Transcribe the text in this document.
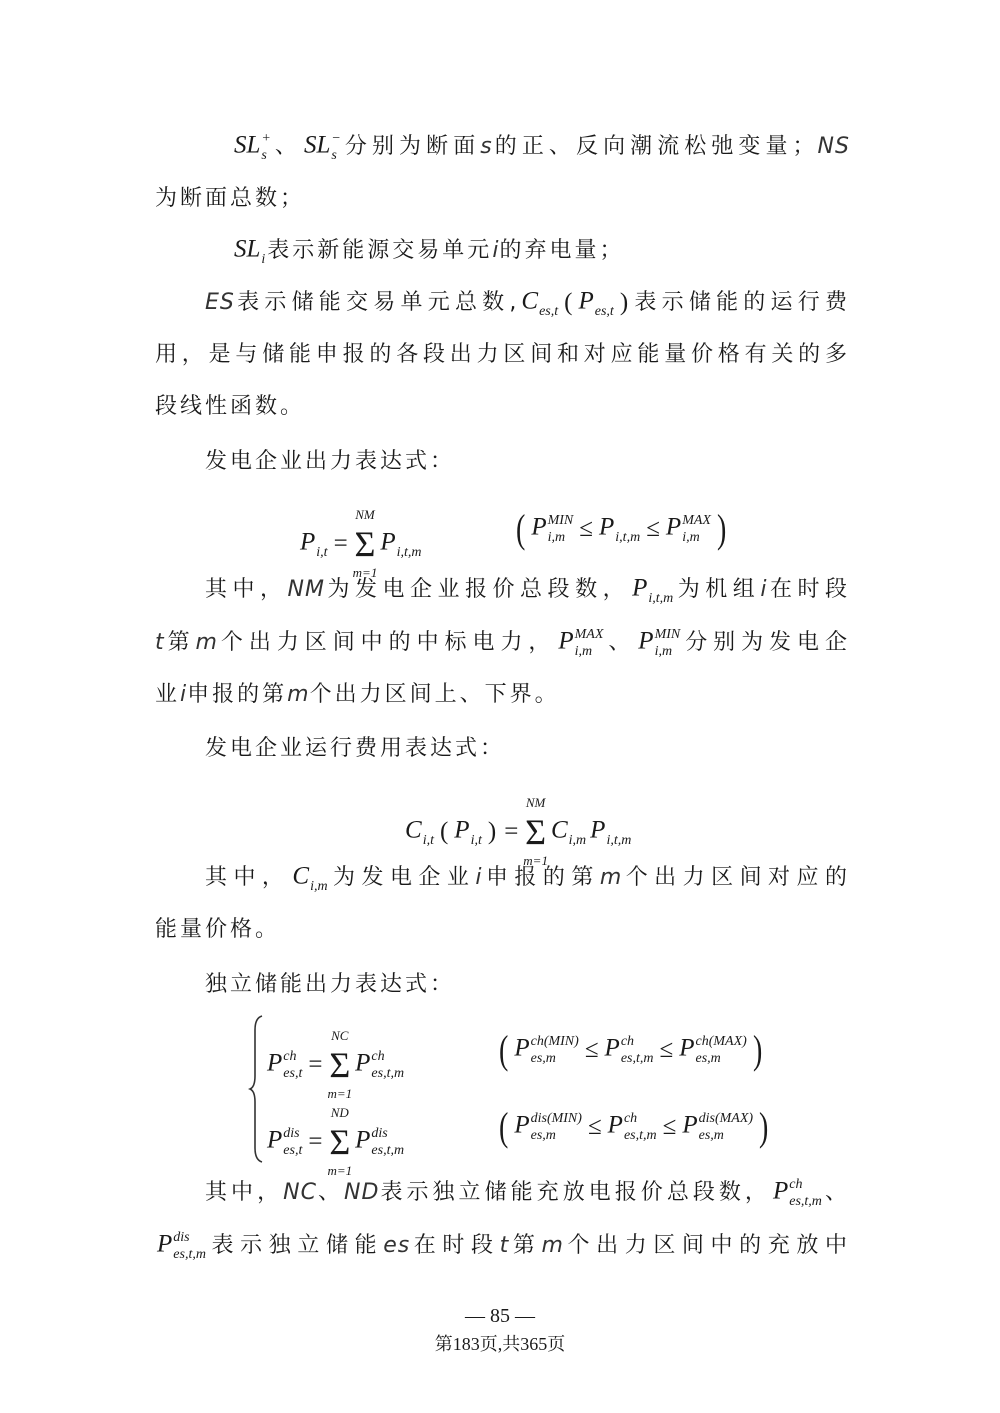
SL +
s 、SL −
s 分别为断面s的正、反向潮流松弛变量；NS
为断面总数；
SL
i 表示新能源交易单元i的弃电量；
ES表示储能交易单元总数,C
es,t ( P
es,t ) 表示储能的运行费
用，是与储能申报的各段出力区间和对应能量价格有关的多
段线性函数。
发电企业出力表达式：
P
i,t =
NM
Σ
m=1
P
i,t,m
( P MIN
i,m ≤ P
i,t,m ≤ P MAX
i,m )
其中，NM为发电企业报价总段数，P
i,t,m 为机组i在时段
t第m个出力区间中的中标电力，P MAX
i,m 、P MIN
i,m 分别为发电企
业i申报的第m个出力区间上、下界。
发电企业运行费用表达式：
C
i,t ( P
i,t ) =
NM
Σ
m=1
C
i,m P
i,t,m
其中，C
i,m 为发电企业i申报的第m个出力区间对应的
能量价格。
独立储能出力表达式：
P ch
es,t =
NC
Σ
m=1
P ch
es,t,m
( P ch(MIN)
es,m	≤ P ch
es,t,m ≤ P ch(MAX)
es,m )
P dis
es,t =
ND
Σ
m=1
P dis
es,t,m
( P dis(MIN)
es,m	≤ P ch
es,t,m ≤ P dis(MAX)
es,m )
其中，NC、ND表示独立储能充放电报价总段数，P ch
es,t,m 、
P dis
es,t,m 表示独立储能es在时段t第m个出力区间中的充放中
— 85 —
第183页,共365页
